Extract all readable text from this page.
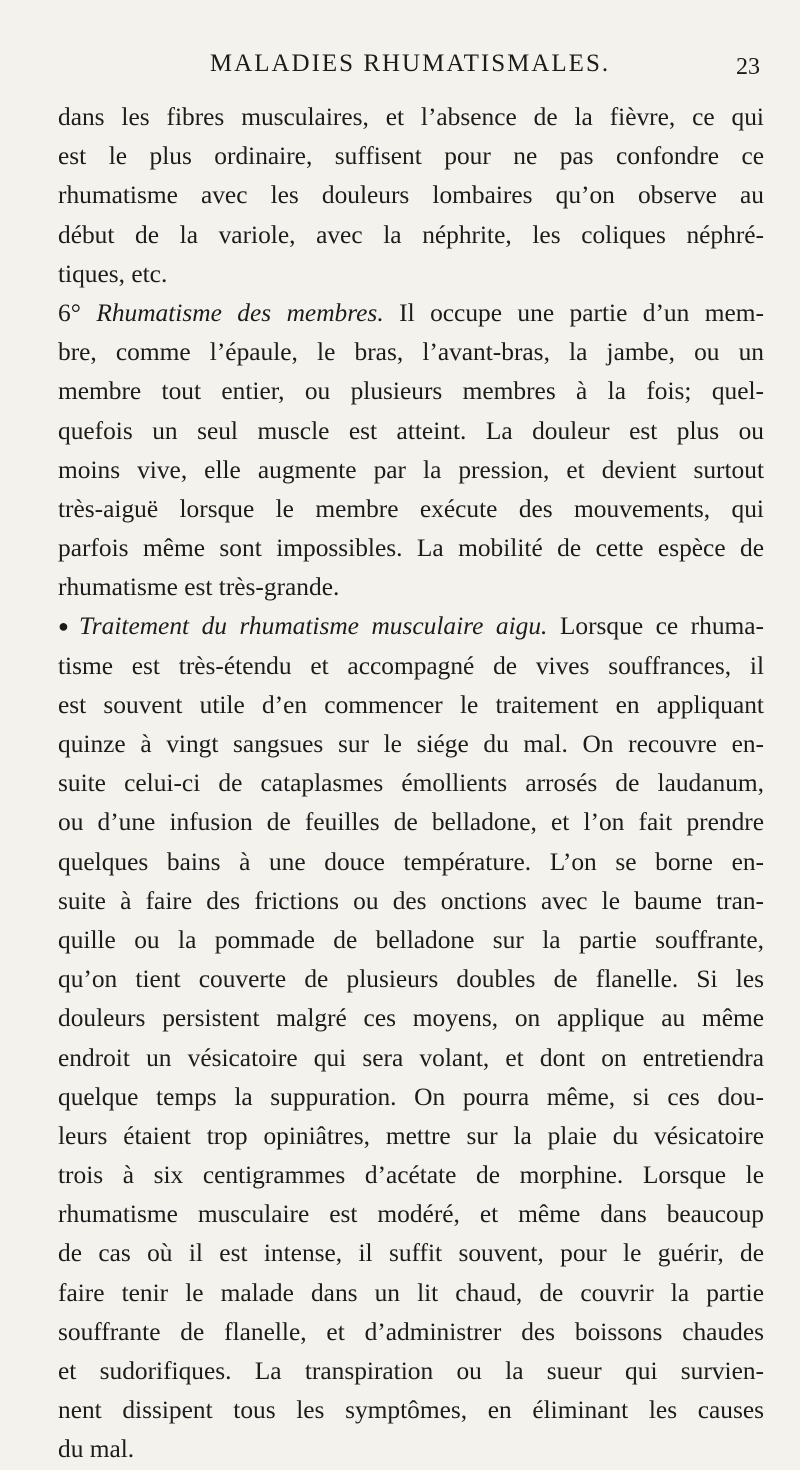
MALADIES RHUMATISMALES.	23
dans les fibres musculaires, et l’absence de la fièvre, ce qui
est le plus ordinaire, suffisent pour ne pas confondre ce
rhumatisme avec les douleurs lombaires qu’on observe au
début de la variole, avec la néphrite, les coliques néphré-
tiques, etc.
6° Rhumatisme des membres. Il occupe une partie d’un mem-
bre, comme l’épaule, le bras, l’avant-bras, la jambe, ou un
membre tout entier, ou plusieurs membres à la fois; quel-
quefois un seul muscle est atteint. La douleur est plus ou
moins vive, elle augmente par la pression, et devient surtout
très-aiguë lorsque le membre exécute des mouvements, qui
parfois même sont impossibles. La mobilité de cette espèce de
rhumatisme est très-grande.
● Traitement du rhumatisme musculaire aigu. Lorsque ce rhuma-
tisme est très-étendu et accompagné de vives souffrances, il
est souvent utile d’en commencer le traitement en appliquant
quinze à vingt sangsues sur le siége du mal. On recouvre en-
suite celui-ci de cataplasmes émollients arrosés de laudanum,
ou d’une infusion de feuilles de belladone, et l’on fait prendre
quelques bains à une douce température. L’on se borne en-
suite à faire des frictions ou des onctions avec le baume tran-
quille ou la pommade de belladone sur la partie souffrante,
qu’on tient couverte de plusieurs doubles de flanelle. Si les
douleurs persistent malgré ces moyens, on applique au même
endroit un vésicatoire qui sera volant, et dont on entretiendra
quelque temps la suppuration. On pourra même, si ces dou-
leurs étaient trop opiniâtres, mettre sur la plaie du vésicatoire
trois à six centigrammes d’acétate de morphine. Lorsque le
rhumatisme musculaire est modéré, et même dans beaucoup
de cas où il est intense, il suffit souvent, pour le guérir, de
faire tenir le malade dans un lit chaud, de couvrir la partie
souffrante de flanelle, et d’administrer des boissons chaudes
et sudorifiques. La transpiration ou la sueur qui survien-
nent dissipent tous les symptômes, en éliminant les causes
du mal.
